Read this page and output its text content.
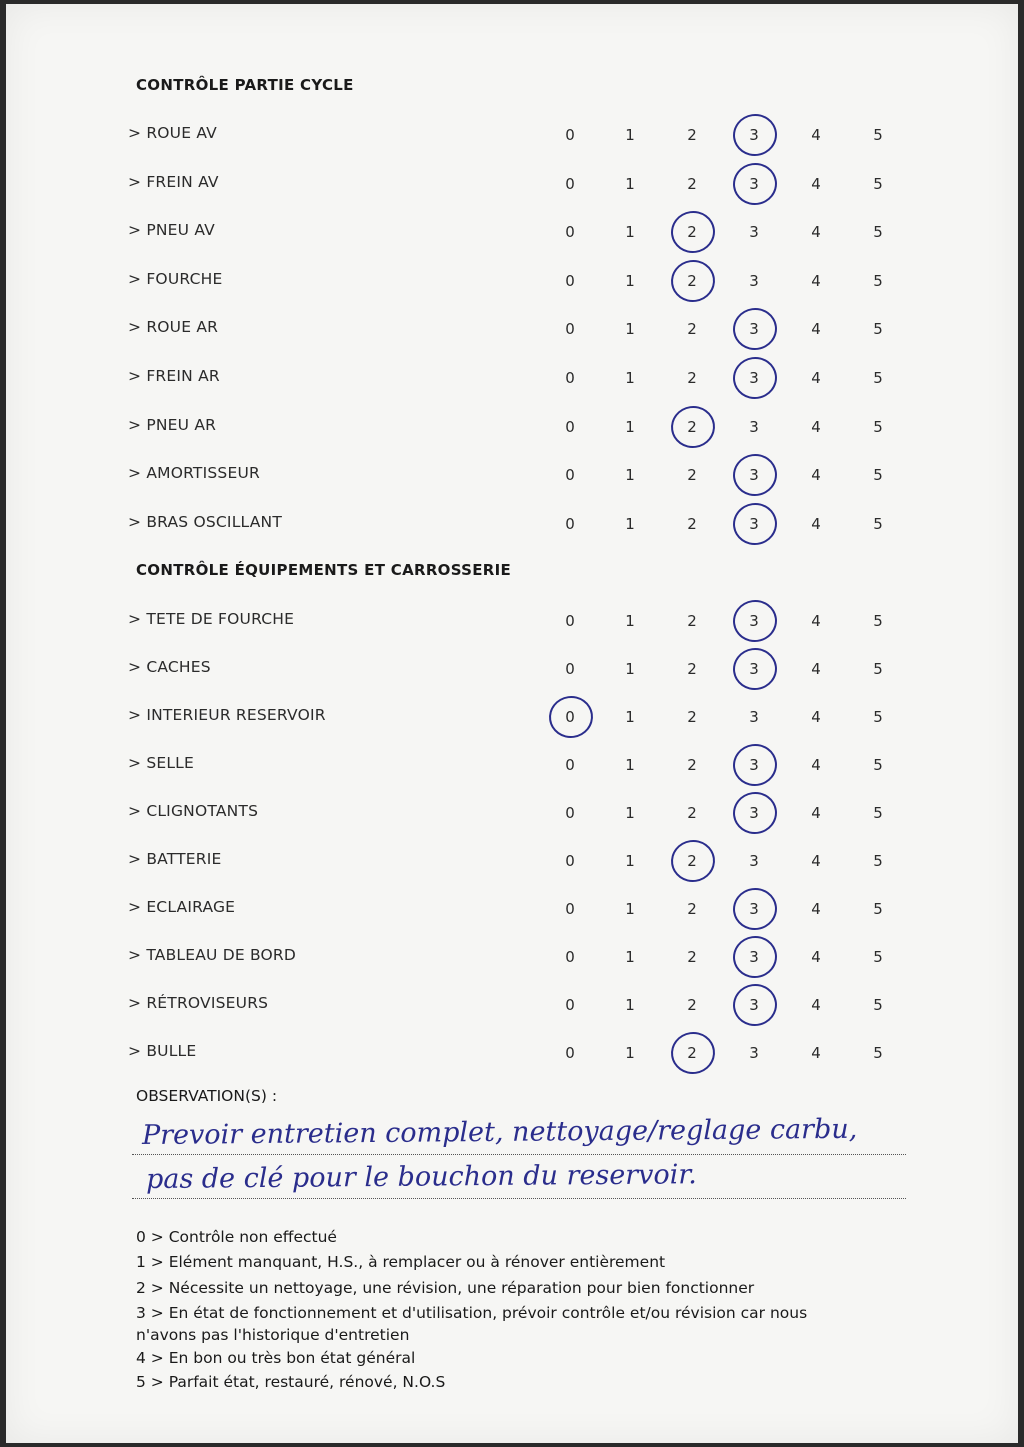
CONTRÔLE PARTIE CYCLE
> ROUE AV	0	1	2	3	4	5
> FREIN AV	0	1	2	3	4	5
> PNEU AV	0	1	2	3	4	5
> FOURCHE	0	1	2	3	4	5
> ROUE AR	0	1	2	3	4	5
> FREIN AR	0	1	2	3	4	5
> PNEU AR	0	1	2	3	4	5
> AMORTISSEUR	0	1	2	3	4	5
> BRAS OSCILLANT	0	1	2	3	4	5
CONTRÔLE ÉQUIPEMENTS ET CARROSSERIE
> TETE DE FOURCHE	0	1	2	3	4	5
> CACHES	0	1	2	3	4	5
> INTERIEUR RESERVOIR	0	1	2	3	4	5
> SELLE	0	1	2	3	4	5
> CLIGNOTANTS	0	1	2	3	4	5
> BATTERIE	0	1	2	3	4	5
> ECLAIRAGE	0	1	2	3	4	5
> TABLEAU DE BORD	0	1	2	3	4	5
> RÉTROVISEURS	0	1	2	3	4	5
> BULLE	0	1	2	3	4	5
OBSERVATION(S) :
Prevoir entretien complet, nettoyage/reglage carbu,
pas de clé pour le bouchon du reservoir.
0 > Contrôle non effectué
1 > Elément manquant, H.S., à remplacer ou à rénover entièrement
2 > Nécessite un nettoyage, une révision, une réparation pour bien fonctionner
3 > En état de fonctionnement et d'utilisation, prévoir contrôle et/ou révision car nous
n'avons pas l'historique d'entretien
4 > En bon ou très bon état général
5 > Parfait état, restauré, rénové, N.O.S
